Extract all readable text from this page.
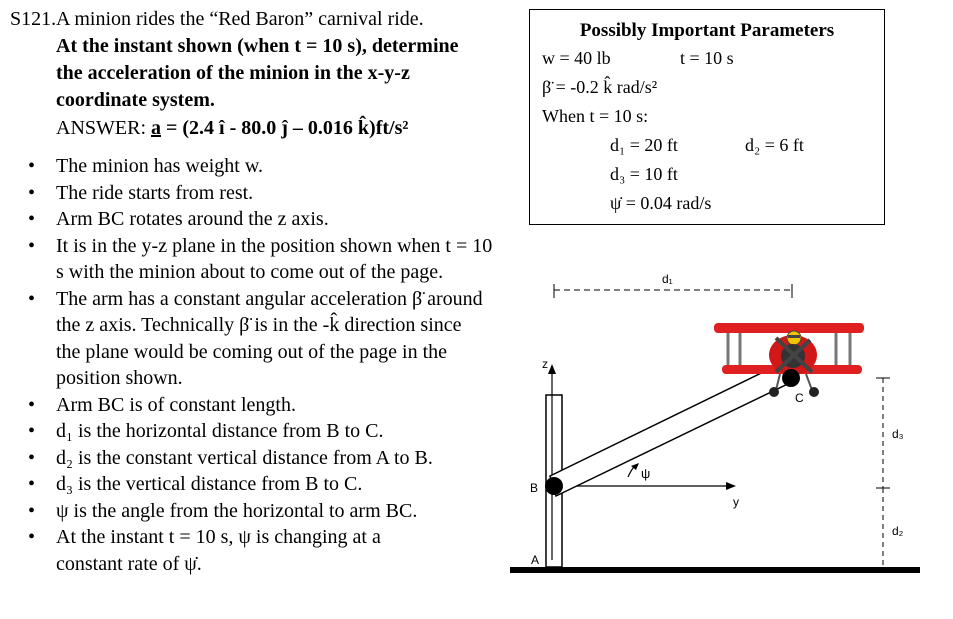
S121.A minion rides the “Red Baron” carnival ride.
At the instant shown (when t = 10 s), determine
the acceleration of the minion in the x-y-z
coordinate system.
ANSWER: a = (2.4 î - 80.0 ĵ – 0.016 k̂)ft/s²
• The minion has weight w.
• The ride starts from rest.
• Arm BC rotates around the z axis.
• It is in the y-z plane in the position shown when t = 10 s with the minion about to come out of the page.
• The arm has a constant angular acceleration β̈ around the z axis. Technically β̈ is in the -k̂ direction since the plane would be coming out of the page in the position shown.
• Arm BC is of constant length.
• d₁ is the horizontal distance from B to C.
• d₂ is the constant vertical distance from A to B.
• d₃ is the vertical distance from B to C.
• ψ is the angle from the horizontal to arm BC.
• At the instant t = 10 s, ψ is changing at a constant rate of ψ̇.
Possibly Important Parameters
w = 40 lb	t = 10 s
β̈ = -0.2 k̂ rad/s²
When t = 10 s:
d₁ = 20 ft	d₂ = 6 ft
d₃ = 10 ft
ψ̇ = 0.04 rad/s
z
y
B
A
ψ
d₁
d₃
d₂
C
